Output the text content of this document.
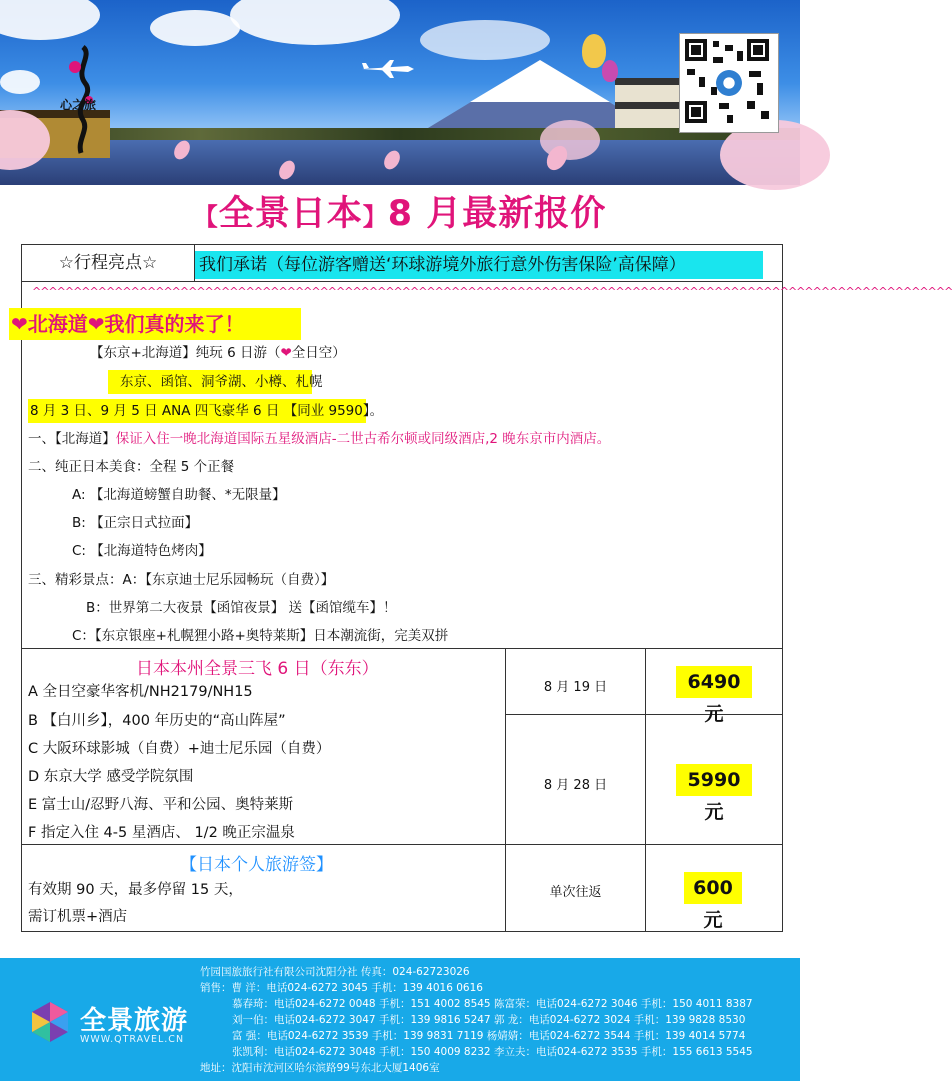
心之旅
【全景日本】8 月最新报价
☆行程亮点☆	我们承诺（每位游客赠送‘环球游境外旅行意外伤害保险’高保障）
^^^^^^^^^^^^^^^^^^^^^^^^^^^^^^^^^^^^^^^^^^^^^^^^^^^^^^^^^^^^^^^^^^^^^^^^^^^^^^^^^^^^^^^^^^^^^^^^^^^^^^^^^^^^^^^^
❤北海道❤我们真的来了！
【东京+北海道】纯玩 6 日游（❤全日空）
东京、函馆、洞爷湖、小樽、札幌
8 月 3 日、9 月 5 日 ANA 四飞豪华 6 日 【同业 9590】。
一、【北海道】保证入住一晚北海道国际五星级酒店-二世古希尔顿或同级酒店,2 晚东京市内酒店。
二、纯正日本美食：全程 5 个正餐
A: 【北海道螃蟹自助餐、*无限量】
B: 【正宗日式拉面】
C: 【北海道特色烤肉】
三、精彩景点：A：【东京迪士尼乐园畅玩（自费）】
B：世界第二大夜景【函馆夜景】 送【函馆缆车】！
C：【东京银座+札幌狸小路+奥特莱斯】日本潮流街，完美双拼
日本本州全景三飞 6 日（东东）
A 全日空豪华客机/NH2179/NH15
B 【白川乡】，400 年历史的“高山阵屋”
C 大阪环球影城（自费）+迪士尼乐园（自费）
D 东京大学 感受学院氛围
E 富士山/忍野八海、平和公园、奥特莱斯
F 指定入住 4-5 星酒店、 1/2 晚正宗温泉
8 月 19 日	6490 元
8 月 28 日	5990 元
【日本个人旅游签】
有效期 90 天，最多停留 15 天，
需订机票+酒店
单次往返	600 元
全景旅游
WWW.QTRAVEL.CN
竹园国旅旅行社有限公司沈阳分社 传真：024-62723026
销售：曹 洋：电话024-6272 3045 手机：139 4016 0616
慕春琦：电话024-6272 0048 手机：151 4002 8545 陈富荣：电话024-6272 3046 手机：150 4011 8387
刘一伯：电话024-6272 3047 手机：139 9816 5247 郭 龙：电话024-6272 3024 手机：139 9828 8530
富 强：电话024-6272 3539 手机：139 9831 7119 杨婧婧：电话024-6272 3544 手机：139 4014 5774
张凯利：电话024-6272 3048 手机：150 4009 8232 李立夫：电话024-6272 3535 手机：155 6613 5545
地址：沈阳市沈河区哈尔滨路99号东北大厦1406室
